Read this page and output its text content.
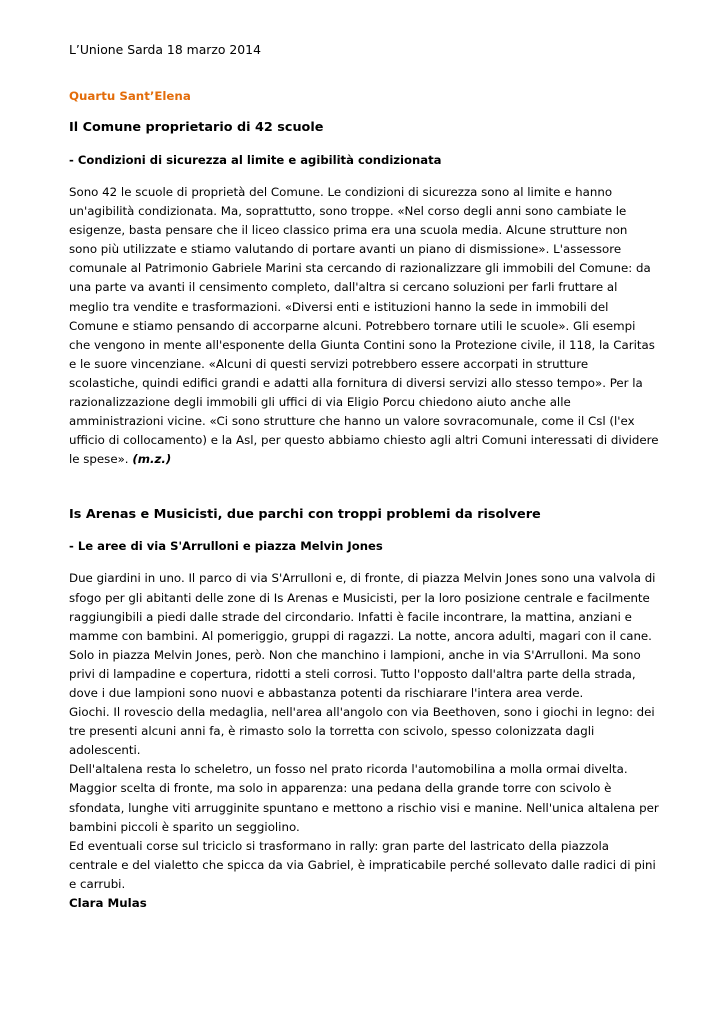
L’Unione Sarda 18 marzo 2014
Quartu Sant’Elena
Il Comune proprietario di 42 scuole
- Condizioni di sicurezza al limite e agibilità condizionata

Sono 42 le scuole di proprietà del Comune. Le condizioni di sicurezza sono al limite e hanno un'agibilità condizionata. Ma, soprattutto, sono troppe. «Nel corso degli anni sono cambiate le esigenze, basta pensare che il liceo classico prima era una scuola media. Alcune strutture non sono più utilizzate e stiamo valutando di portare avanti un piano di dismissione». L'assessore comunale al Patrimonio Gabriele Marini sta cercando di razionalizzare gli immobili del Comune: da una parte va avanti il censimento completo, dall'altra si cercano soluzioni per farli fruttare al meglio tra vendite e trasformazioni. «Diversi enti e istituzioni hanno la sede in immobili del Comune e stiamo pensando di accorparne alcuni. Potrebbero tornare utili le scuole». Gli esempi che vengono in mente all'esponente della Giunta Contini sono la Protezione civile, il 118, la Caritas e le suore vincenziane. «Alcuni di questi servizi potrebbero essere accorpati in strutture scolastiche, quindi edifici grandi e adatti alla fornitura di diversi servizi allo stesso tempo». Per la razionalizzazione degli immobili gli uffici di via Eligio Porcu chiedono aiuto anche alle amministrazioni vicine. «Ci sono strutture che hanno un valore sovracomunale, come il Csl (l'ex ufficio di collocamento) e la Asl, per questo abbiamo chiesto agli altri Comuni interessati di dividere le spese». (m.z.)

Is Arenas e Musicisti, due parchi con troppi problemi da risolvere
- Le aree di via S'Arrulloni e piazza Melvin Jones

Due giardini in uno. Il parco di via S'Arrulloni e, di fronte, di piazza Melvin Jones sono una valvola di sfogo per gli abitanti delle zone di Is Arenas e Musicisti, per la loro posizione centrale e facilmente raggiungibili a piedi dalle strade del circondario. Infatti è facile incontrare, la mattina, anziani e mamme con bambini. Al pomeriggio, gruppi di ragazzi. La notte, ancora adulti, magari con il cane. Solo in piazza Melvin Jones, però. Non che manchino i lampioni, anche in via S'Arrulloni. Ma sono privi di lampadine e copertura, ridotti a steli corrosi. Tutto l'opposto dall'altra parte della strada, dove i due lampioni sono nuovi e abbastanza potenti da rischiarare l'intera area verde.

Giochi. Il rovescio della medaglia, nell'area all'angolo con via Beethoven, sono i giochi in legno: dei tre presenti alcuni anni fa, è rimasto solo la torretta con scivolo, spesso colonizzata dagli adolescenti.

Dell'altalena resta lo scheletro, un fosso nel prato ricorda l'automobilina a molla ormai divelta. Maggior scelta di fronte, ma solo in apparenza: una pedana della grande torre con scivolo è sfondata, lunghe viti arrugginite spuntano e mettono a rischio visi e manine. Nell'unica altalena per bambini piccoli è sparito un seggiolino.

Ed eventuali corse sul triciclo si trasformano in rally: gran parte del lastricato della piazzola centrale e del vialetto che spicca da via Gabriel, è impraticabile perché sollevato dalle radici di pini e carrubi.

Clara Mulas
